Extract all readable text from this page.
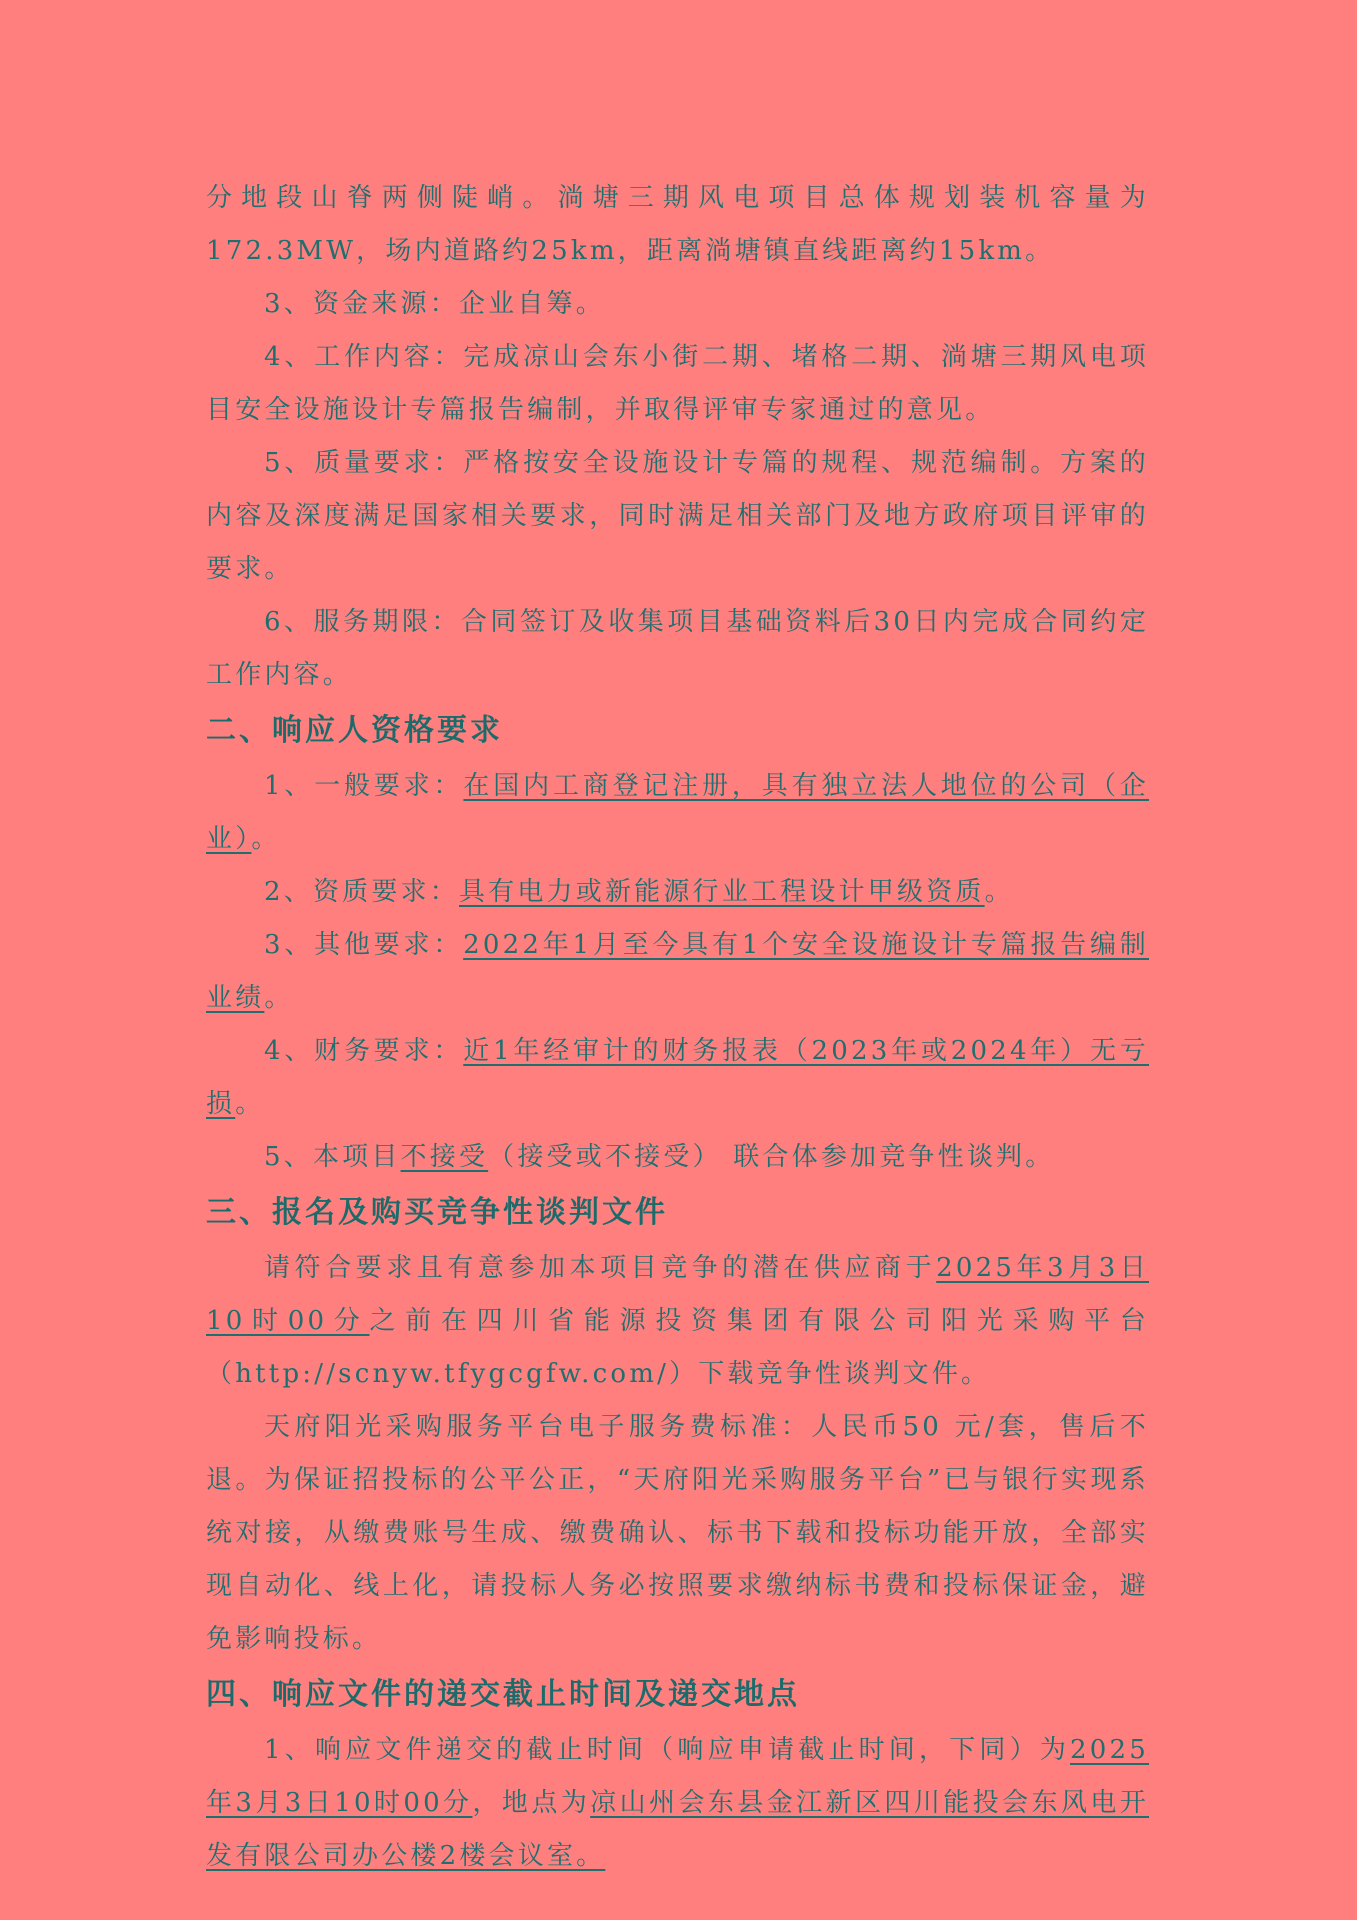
分地段山脊两侧陡峭。淌塘三期风电项目总体规划装机容量为172.3MW，场内道路约25km，距离淌塘镇直线距离约15km。

3、资金来源：企业自筹。

4、工作内容：完成凉山会东小街二期、堵格二期、淌塘三期风电项目安全设施设计专篇报告编制，并取得评审专家通过的意见。

5、质量要求：严格按安全设施设计专篇的规程、规范编制。方案的内容及深度满足国家相关要求，同时满足相关部门及地方政府项目评审的要求。

6、服务期限：合同签订及收集项目基础资料后30日内完成合同约定工作内容。

二、响应人资格要求

1、一般要求：在国内工商登记注册，具有独立法人地位的公司（企业）。

2、资质要求：具有电力或新能源行业工程设计甲级资质。

3、其他要求：2022年1月至今具有1个安全设施设计专篇报告编制业绩。

4、财务要求：近1年经审计的财务报表（2023年或2024年）无亏损。

5、本项目不接受（接受或不接受） 联合体参加竞争性谈判。

三、报名及购买竞争性谈判文件

请符合要求且有意参加本项目竞争的潜在供应商于2025年3月3日10时00分之前在四川省能源投资集团有限公司阳光采购平台（http://scnyw.tfygcgfw.com/）下载竞争性谈判文件。

天府阳光采购服务平台电子服务费标准：人民币50 元/套，售后不退。为保证招投标的公平公正，“天府阳光采购服务平台”已与银行实现系统对接，从缴费账号生成、缴费确认、标书下载和投标功能开放，全部实现自动化、线上化，请投标人务必按照要求缴纳标书费和投标保证金，避免影响投标。

四、响应文件的递交截止时间及递交地点

1、响应文件递交的截止时间（响应申请截止时间，下同）为2025年3月3日10时00分，地点为凉山州会东县金江新区四川能投会东风电开发有限公司办公楼2楼会议室。
